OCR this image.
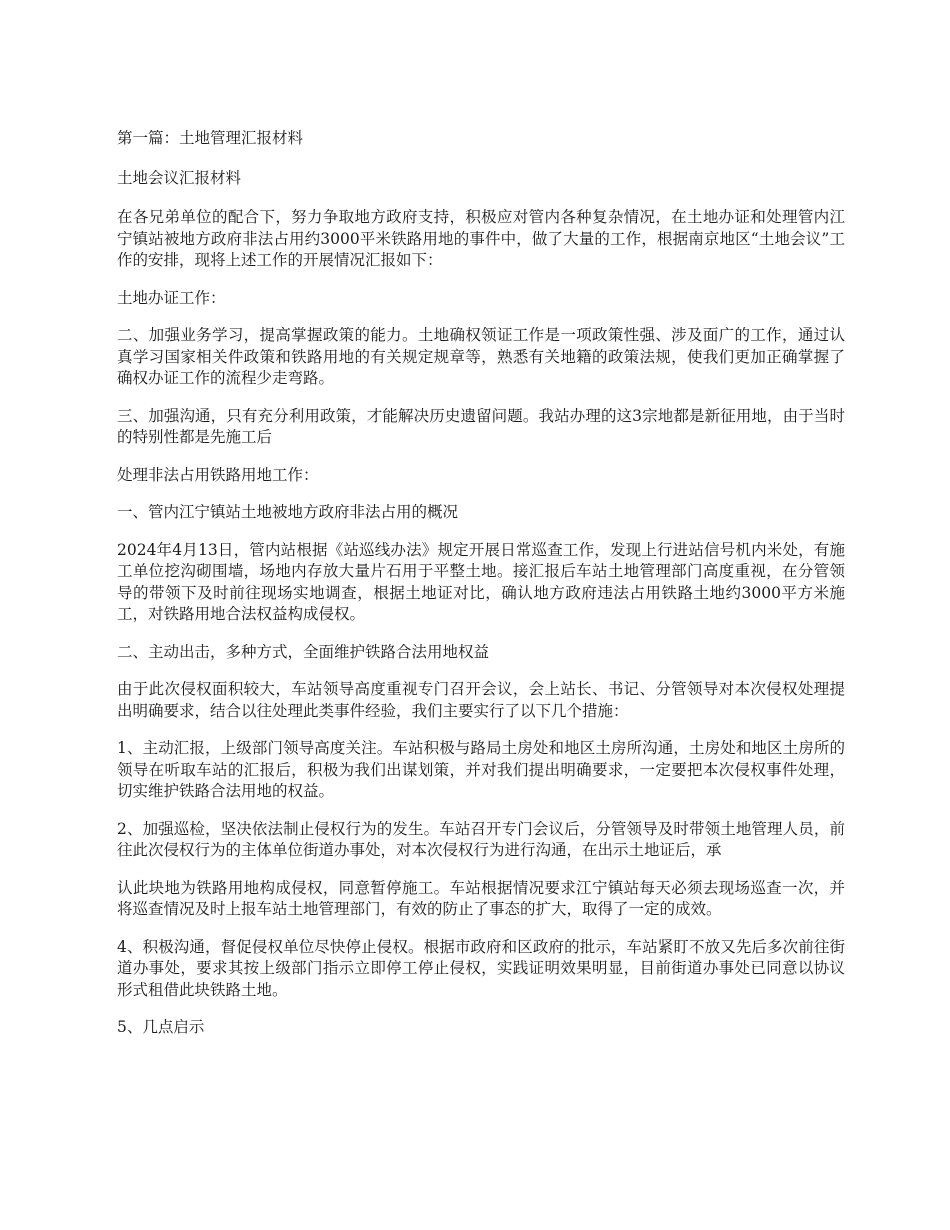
第一篇：土地管理汇报材料

土地会议汇报材料

在各兄弟单位的配合下，努力争取地方政府支持，积极应对管内各种复杂情况，在土地办证和处理管内江宁镇站被地方政府非法占用约3000平米铁路用地的事件中，做了大量的工作，根据南京地区“土地会议”工作的安排，现将上述工作的开展情况汇报如下：

土地办证工作：

二、加强业务学习，提高掌握政策的能力。土地确权领证工作是一项政策性强、涉及面广的工作，通过认真学习国家相关件政策和铁路用地的有关规定规章等，熟悉有关地籍的政策法规，使我们更加正确掌握了确权办证工作的流程少走弯路。

三、加强沟通，只有充分利用政策，才能解决历史遗留问题。我站办理的这3宗地都是新征用地，由于当时的特别性都是先施工后

处理非法占用铁路用地工作：

一、管内江宁镇站土地被地方政府非法占用的概况

2024年4月13日，管内站根据《站巡线办法》规定开展日常巡查工作，发现上行进站信号机内米处，有施工单位挖沟砌围墙，场地内存放大量片石用于平整土地。接汇报后车站土地管理部门高度重视，在分管领导的带领下及时前往现场实地调查，根据土地证对比，确认地方政府违法占用铁路土地约3000平方米施工，对铁路用地合法权益构成侵权。

二、主动出击，多种方式，全面维护铁路合法用地权益

由于此次侵权面积较大，车站领导高度重视专门召开会议，会上站长、书记、分管领导对本次侵权处理提出明确要求，结合以往处理此类事件经验，我们主要实行了以下几个措施：

1、主动汇报，上级部门领导高度关注。车站积极与路局土房处和地区土房所沟通，土房处和地区土房所的领导在听取车站的汇报后，积极为我们出谋划策，并对我们提出明确要求，一定要把本次侵权事件处理，切实维护铁路合法用地的权益。

2、加强巡检，坚决依法制止侵权行为的发生。车站召开专门会议后，分管领导及时带领土地管理人员，前往此次侵权行为的主体单位街道办事处，对本次侵权行为进行沟通，在出示土地证后，承

认此块地为铁路用地构成侵权，同意暂停施工。车站根据情况要求江宁镇站每天必须去现场巡查一次，并将巡查情况及时上报车站土地管理部门，有效的防止了事态的扩大，取得了一定的成效。

4、积极沟通，督促侵权单位尽快停止侵权。根据市政府和区政府的批示，车站紧盯不放又先后多次前往街道办事处，要求其按上级部门指示立即停工停止侵权，实践证明效果明显，目前街道办事处已同意以协议形式租借此块铁路土地。

5、几点启示
